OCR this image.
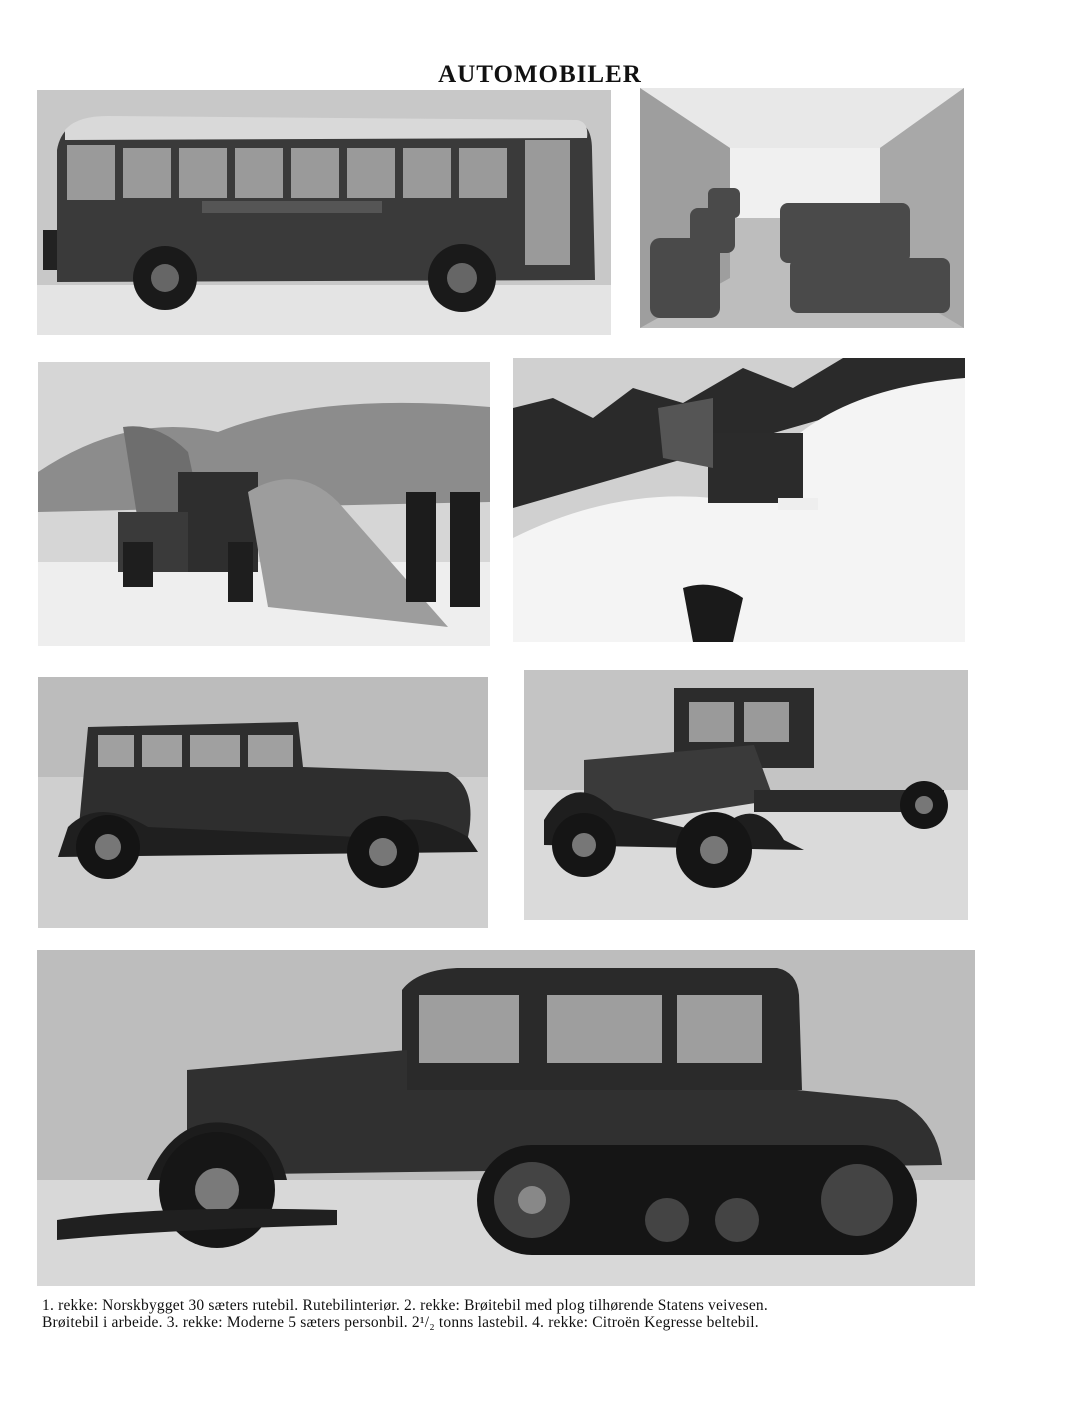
AUTOMOBILER

1. rekke: Norskbygget 30 sæters rutebil. Rutebilinteriør. 2. rekke: Brøitebil med plog tilhørende Statens veivesen.

Brøitebil i arbeide. 3. rekke: Moderne 5 sæters personbil. 2¹/₂ tonns lastebil. 4. rekke: Citroën Kegresse beltebil.
